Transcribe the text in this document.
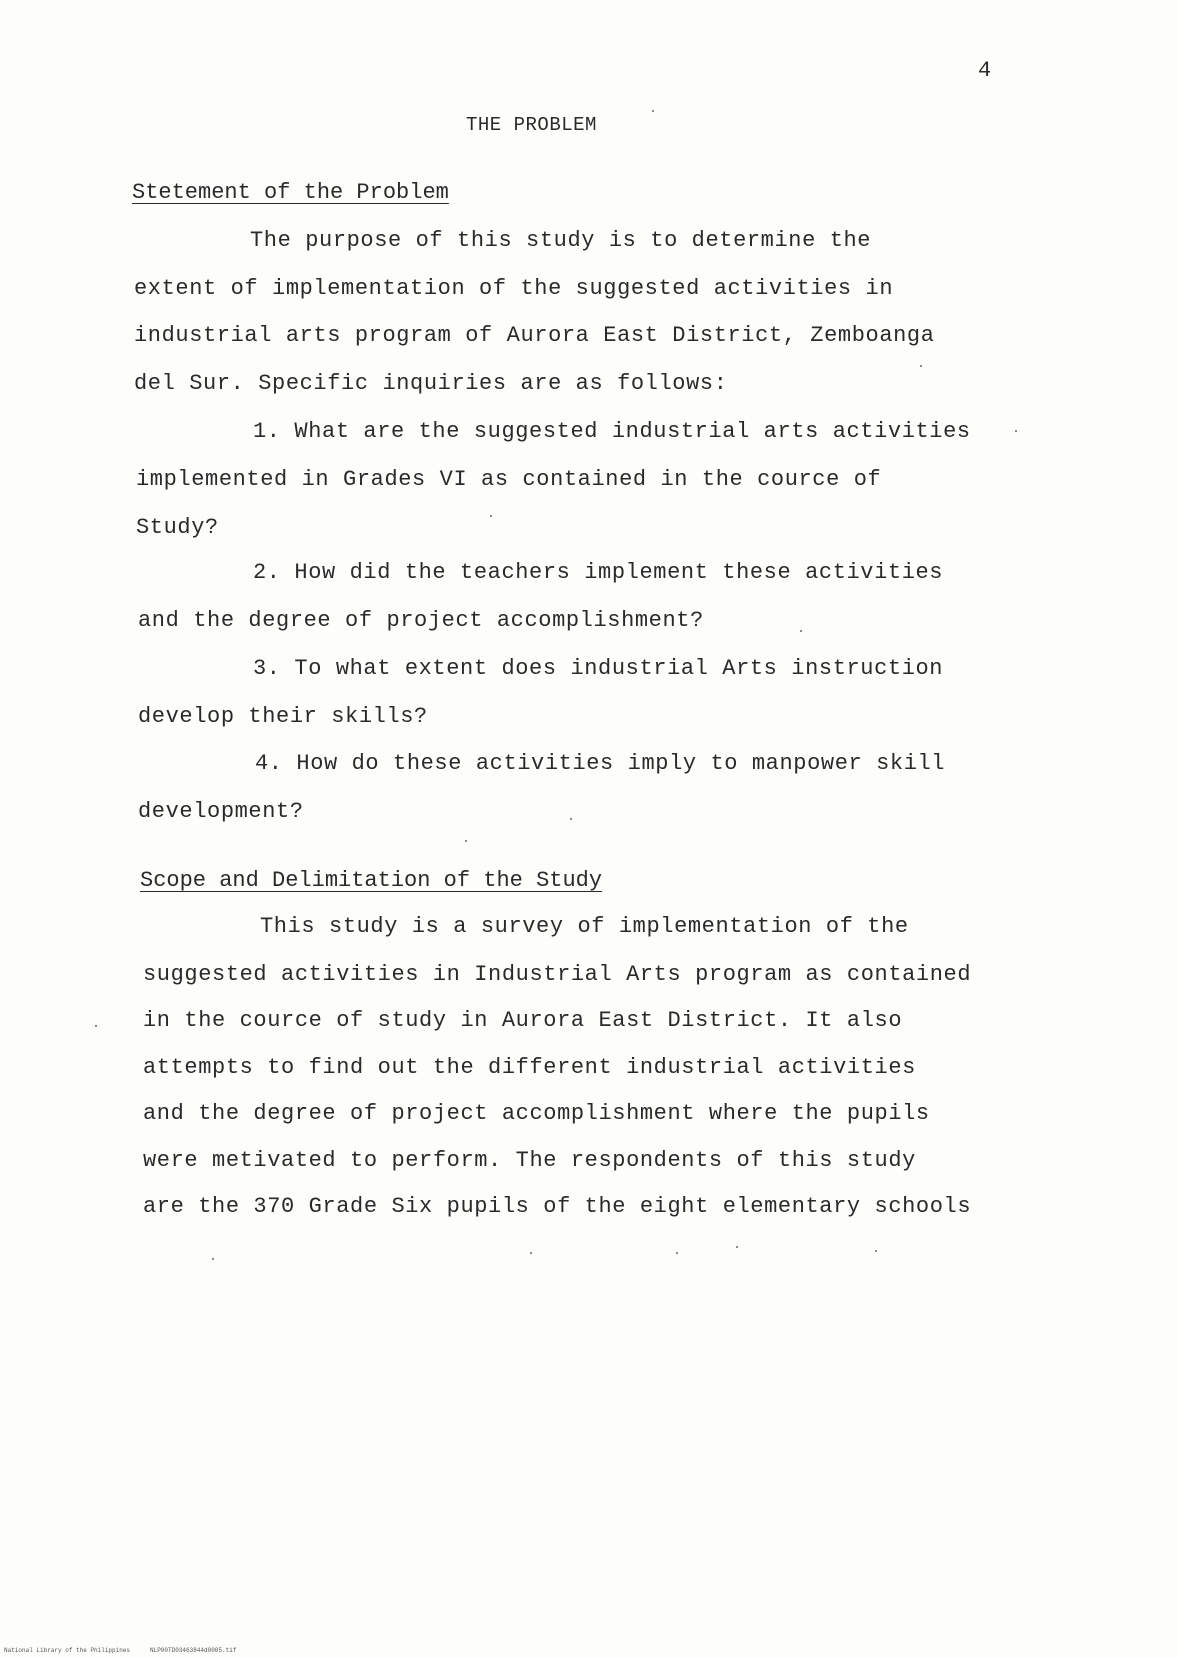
4
THE PROBLEM
Stetement of the Problem
The purpose of this study is to determine the
extent of implementation of the suggested activities in
industrial arts program of Aurora East District, Zemboanga
del Sur. Specific inquiries are as follows:
1. What are the suggested industrial arts activities
implemented in Grades VI as contained in the cource of
Study?
2. How did the teachers implement these activities
and the degree of project accomplishment?
3. To what extent does industrial Arts instruction
develop their skills?
4. How do these activities imply to manpower skill
development?
Scope and Delimitation of the Study
This study is a survey of implementation of the
suggested activities in Industrial Arts program as contained
in the cource of study in Aurora East District. It also
attempts to find out the different industrial activities
and the degree of project accomplishment where the pupils
were metivated to perform. The respondents of this study
are the 370 Grade Six pupils of the eight elementary schools
National Library of the Philippines	NLP00TD03463844d0005.tif
